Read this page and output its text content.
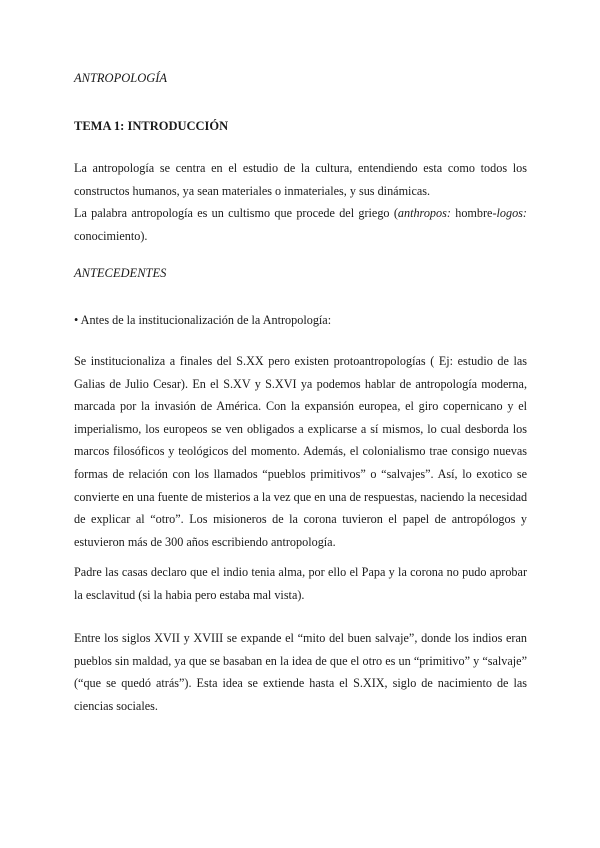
ANTROPOLOGÍA
TEMA 1: INTRODUCCIÓN
La antropología se centra en el estudio de la cultura, entendiendo esta como todos los
constructos humanos, ya sean materiales o inmateriales, y sus dinámicas.
La palabra antropología es un cultismo que procede del griego (anthropos: hombre-logos:
conocimiento).
ANTECEDENTES
• Antes de la institucionalización de la Antropología:
Se institucionaliza a finales del S.XX pero existen protoantropologías ( Ej: estudio de las
Galias de Julio Cesar). En el S.XV y S.XVI ya podemos hablar de antropología moderna,
marcada por la invasión de América. Con la expansión europea, el giro copernicano y el
imperialismo, los europeos se ven obligados a explicarse a sí mismos, lo cual desborda los
marcos filosóficos y teológicos del momento. Además, el colonialismo trae consigo nuevas
formas de relación con los llamados “pueblos primitivos” o “salvajes”. Así, lo exotico se
convierte en una fuente de misterios a la vez que en una de respuestas, naciendo la necesidad
de explicar al “otro”. Los misioneros de la corona tuvieron el papel de antropólogos y
estuvieron más de 300 años escribiendo antropología.
Padre las casas declaro que el indio tenia alma, por ello el Papa y la corona no pudo aprobar
la esclavitud (si la habia pero estaba mal vista).
Entre los siglos XVII y XVIII se expande el “mito del buen salvaje”, donde los indios eran
pueblos sin maldad, ya que se basaban en la idea de que el otro es un “primitivo” y “salvaje”
(“que se quedó atrás”). Esta idea se extiende hasta el S.XIX, siglo de nacimiento de las
ciencias sociales.
